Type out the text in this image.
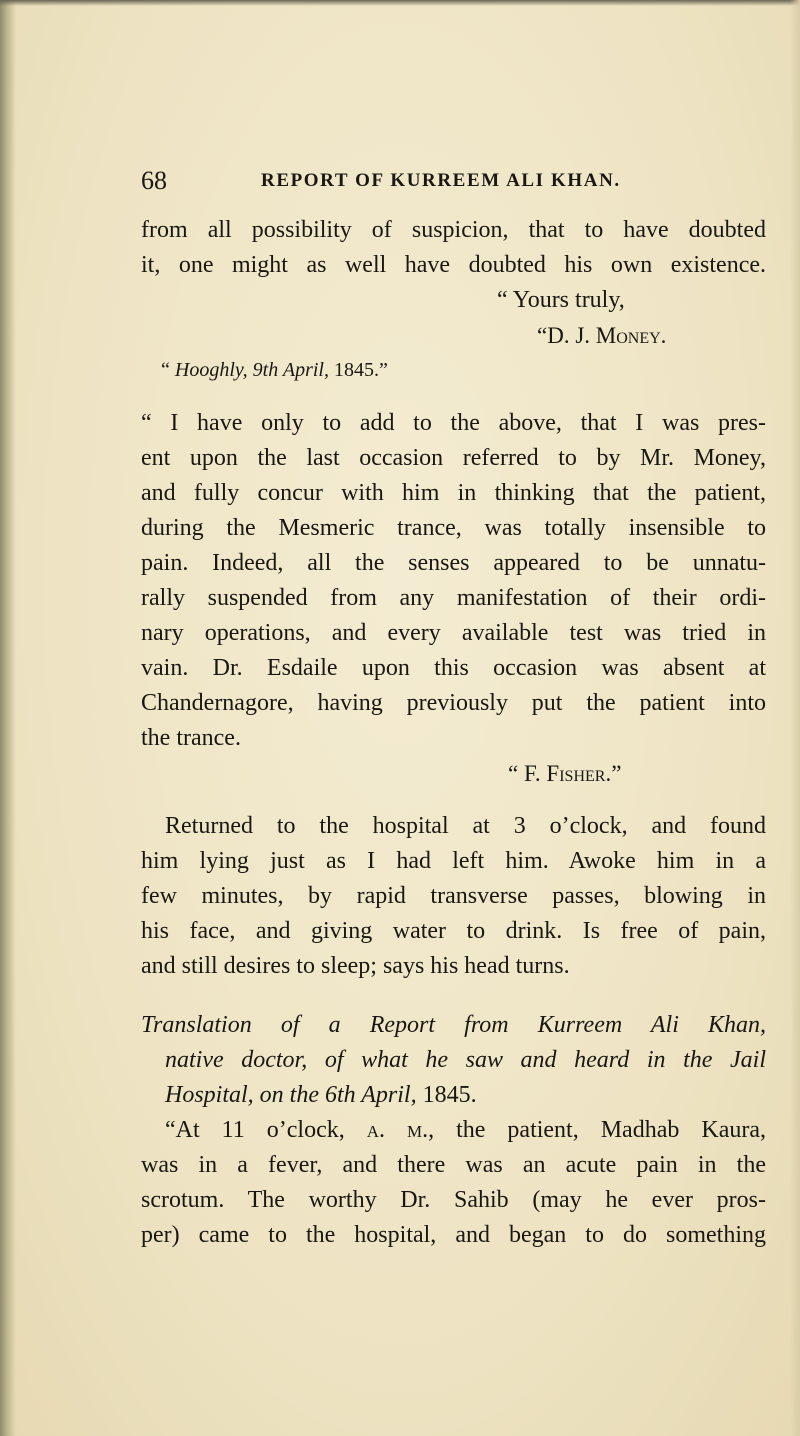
68	REPORT OF KURREEM ALI KHAN.
from all possibility of suspicion, that to have doubted
it, one might as well have doubted his own existence.
“ Yours truly,
“D. J. Money.
“ Hooghly, 9th April, 1845.”
“ I have only to add to the above, that I was pres-
ent upon the last occasion referred to by Mr. Money,
and fully concur with him in thinking that the patient,
during the Mesmeric trance, was totally insensible to
pain. Indeed, all the senses appeared to be unnatu-
rally suspended from any manifestation of their ordi-
nary operations, and every available test was tried in
vain. Dr. Esdaile upon this occasion was absent at
Chandernagore, having previously put the patient into
the trance.
“ F. Fisher.”
Returned to the hospital at 3 o’clock, and found
him lying just as I had left him. Awoke him in a
few minutes, by rapid transverse passes, blowing in
his face, and giving water to drink. Is free of pain,
and still desires to sleep; says his head turns.
Translation of a Report from Kurreem Ali Khan,
native doctor, of what he saw and heard in the Jail
Hospital, on the 6th April, 1845.
“At 11 o’clock, a. m., the patient, Madhab Kaura,
was in a fever, and there was an acute pain in the
scrotum. The worthy Dr. Sahib (may he ever pros-
per) came to the hospital, and began to do something
